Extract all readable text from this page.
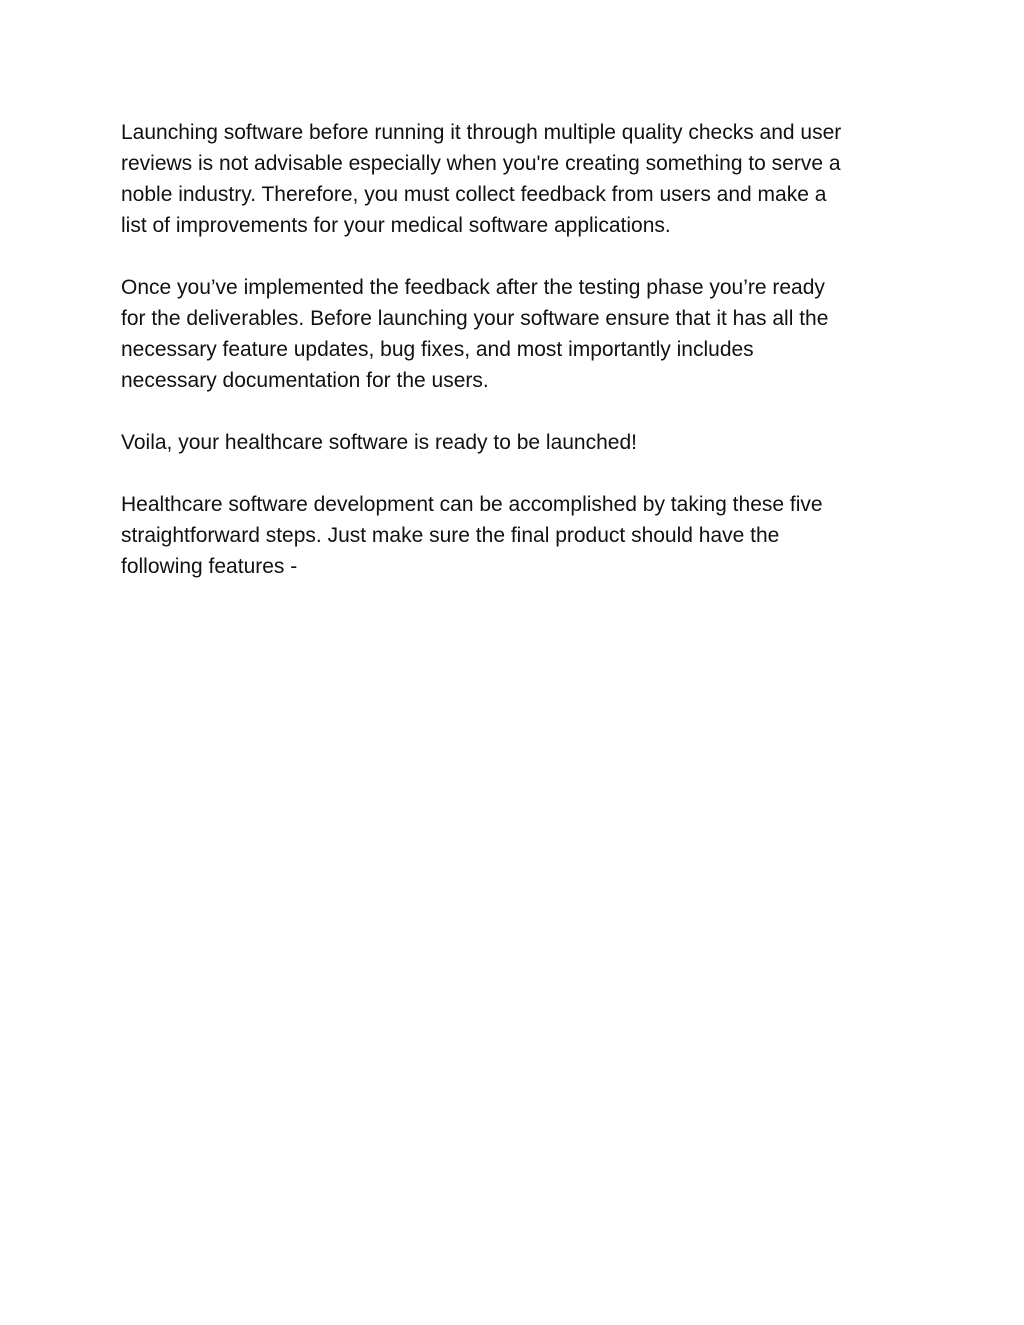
Launching software before running it through multiple quality checks and user
reviews is not advisable especially when you're creating something to serve a
noble industry. Therefore, you must collect feedback from users and make a
list of improvements for your medical software applications.

Once you’ve implemented the feedback after the testing phase you’re ready
for the deliverables. Before launching your software ensure that it has all the
necessary feature updates, bug fixes, and most importantly includes
necessary documentation for the users.

Voila, your healthcare software is ready to be launched!

Healthcare software development can be accomplished by taking these five
straightforward steps. Just make sure the final product should have the
following features -
